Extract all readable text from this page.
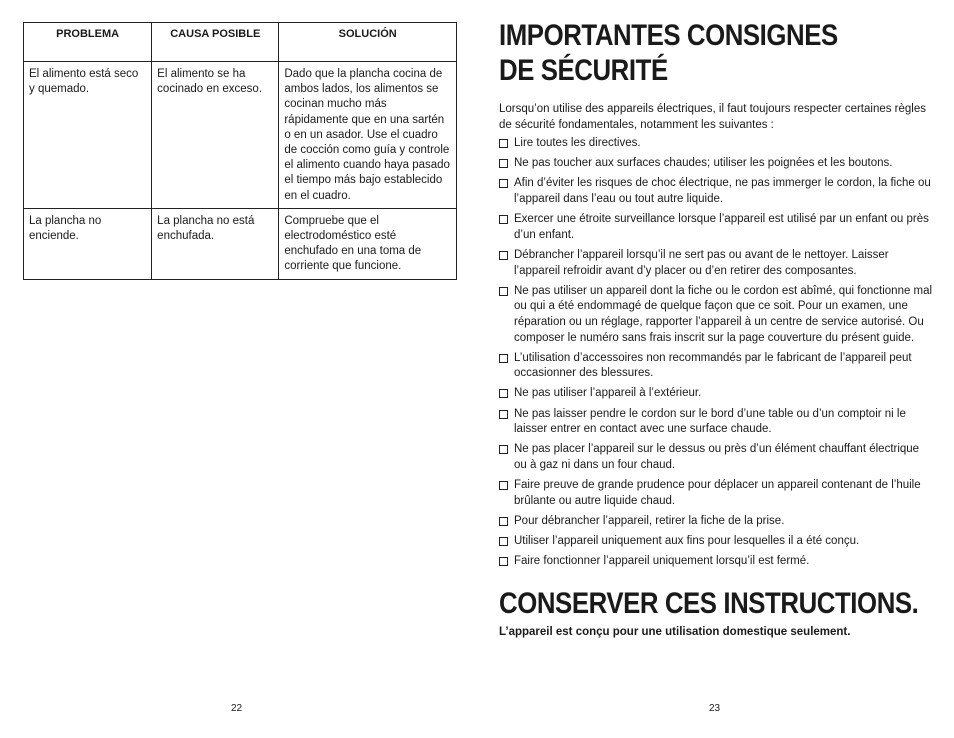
PROBLEMA	CAUSA POSIBLE	SOLUCIÓN
El alimento está seco y quemado.	El alimento se ha cocinado en exceso.	Dado que la plancha cocina de ambos lados, los alimentos se cocinan mucho más rápidamente que en una sartén o en un asador. Use el cuadro de cocción como guía y controle el alimento cuando haya pasado el tiempo más bajo establecido en el cuadro.
La plancha no enciende.	La plancha no está enchufada.	Compruebe que el electrodoméstico esté enchufado en una toma de corriente que funcione.
22
IMPORTANTES CONSIGNES
DE SÉCURITÉ

Lorsqu’on utilise des appareils électriques, il faut toujours respecter certaines règles de sécurité fondamentales, notamment les suivantes :

Lire toutes les directives.
Ne pas toucher aux surfaces chaudes; utiliser les poignées et les boutons.
Afin d’éviter les risques de choc électrique, ne pas immerger le cordon, la fiche ou l’appareil dans l’eau ou tout autre liquide.
Exercer une étroite surveillance lorsque l’appareil est utilisé par un enfant ou près d’un enfant.
Débrancher l’appareil lorsqu’il ne sert pas ou avant de le nettoyer. Laisser l’appareil refroidir avant d’y placer ou d’en retirer des composantes.
Ne pas utiliser un appareil dont la fiche ou le cordon est abîmé, qui fonctionne mal ou qui a été endommagé de quelque façon que ce soit. Pour un examen, une réparation ou un réglage, rapporter l’appareil à un centre de service autorisé. Ou composer le numéro sans frais inscrit sur la page couverture du présent guide.
L’utilisation d’accessoires non recommandés par le fabricant de l’appareil peut occasionner des blessures.
Ne pas utiliser l’appareil à l’extérieur.
Ne pas laisser pendre le cordon sur le bord d’une table ou d’un comptoir ni le laisser entrer en contact avec une surface chaude.
Ne pas placer l’appareil sur le dessus ou près d’un élément chauffant électrique ou à gaz ni dans un four chaud.
Faire preuve de grande prudence pour déplacer un appareil contenant de l’huile brûlante ou autre liquide chaud.
Pour débrancher l’appareil, retirer la fiche de la prise.
Utiliser l’appareil uniquement aux fins pour lesquelles il a été conçu.
Faire fonctionner l’appareil uniquement lorsqu’il est fermé.
CONSERVER CES INSTRUCTIONS.

L’appareil est conçu pour une utilisation domestique seulement.

23
